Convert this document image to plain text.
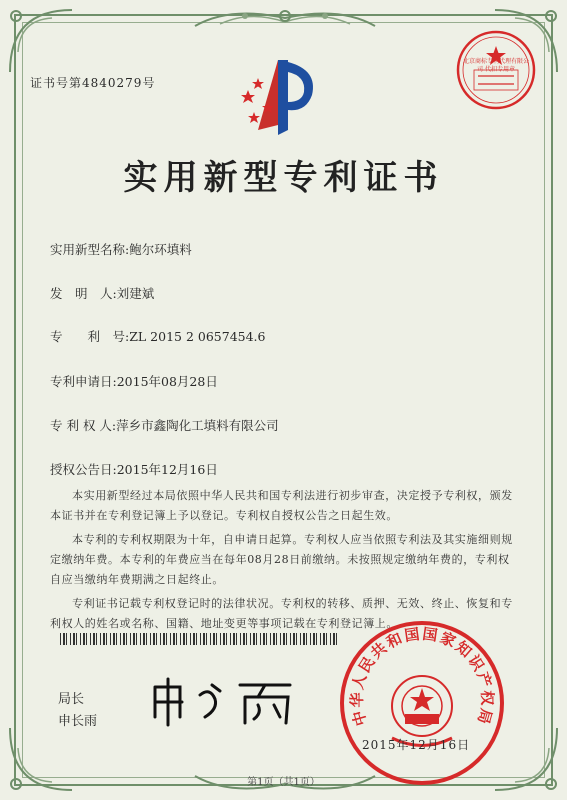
证书号第4840279号
实用新型专利证书
实用新型名称:鲍尔环填料
发　明　人:刘建斌
专　　利　号:ZL 2015 2 0657454.6
专利申请日:2015年08月28日
专 利 权 人:萍乡市鑫陶化工填料有限公司
授权公告日:2015年12月16日

本实用新型经过本局依照中华人民共和国专利法进行初步审查，决定授予专利权，颁发本证书并在专利登记簿上予以登记。专利权自授权公告之日起生效。

本专利的专利权期限为十年，自申请日起算。专利权人应当依照专利法及其实施细则规定缴纳年费。本专利的年费应当在每年08月28日前缴纳。未按照规定缴纳年费的，专利权自应当缴纳年费期满之日起终止。

专利证书记载专利权登记时的法律状况。专利权的转移、质押、无效、终止、恢复和专利权人的姓名或名称、国籍、地址变更等事项记载在专利登记簿上。

局长
申长雨	中华人民共和国国家知识产权局
2015年12月16日
第1页（共1页）
北京商标专利代理有限公司 代扣专用章
